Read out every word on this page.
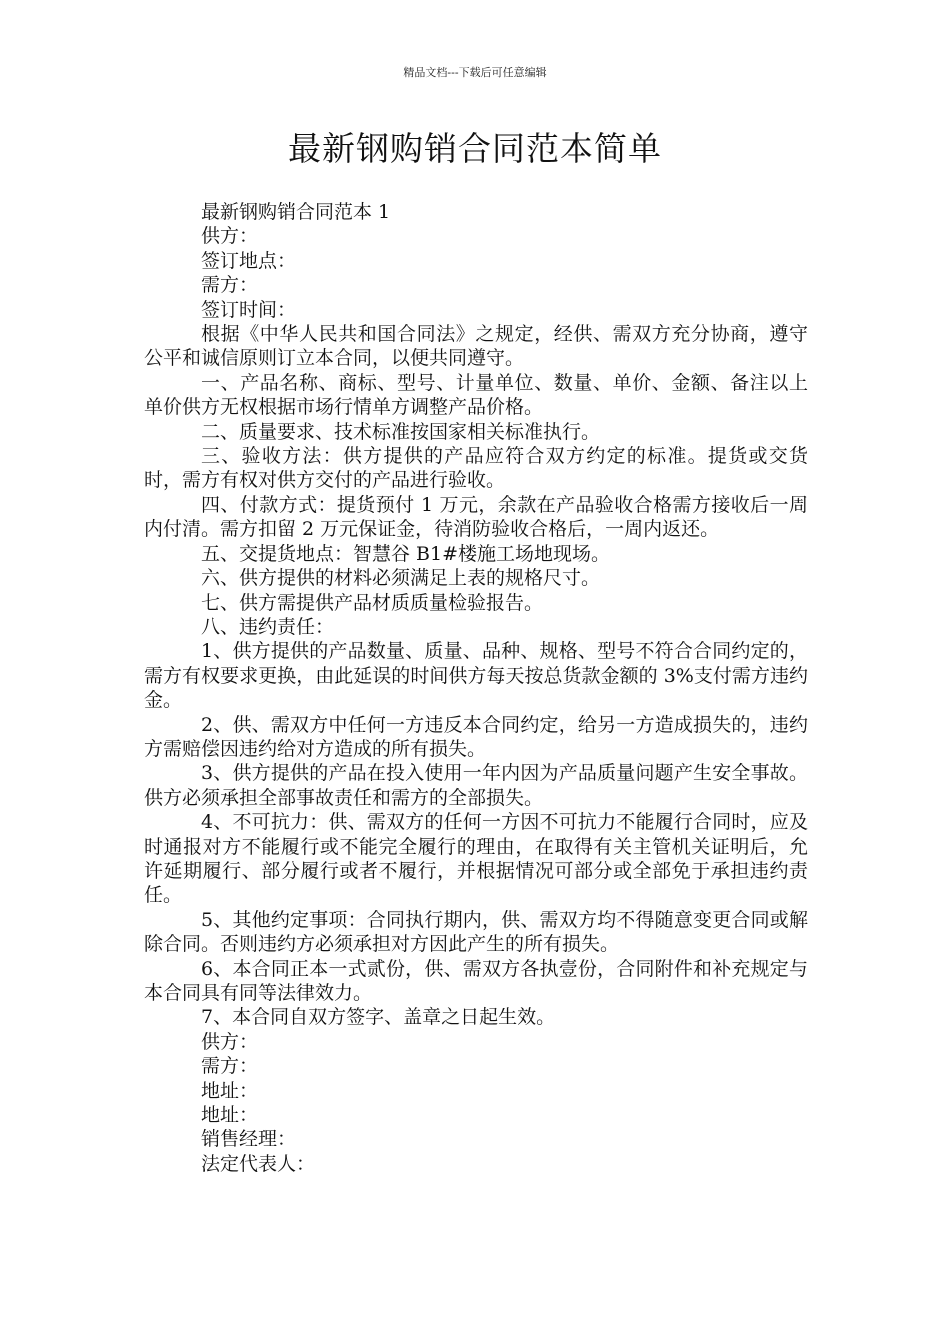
精品文档---下载后可任意编辑
最新钢购销合同范本简单

最新钢购销合同范本 1

供方：

签订地点：

需方：

签订时间：

根据《中华人民共和国合同法》之规定，经供、需双方充分协商，遵守公平和诚信原则订立本合同，以便共同遵守。

一、产品名称、商标、型号、计量单位、数量、单价、金额、备注以上单价供方无权根据市场行情单方调整产品价格。

二、质量要求、技术标准按国家相关标准执行。

三、验收方法：供方提供的产品应符合双方约定的标准。提货或交货时，需方有权对供方交付的产品进行验收。

四、付款方式：提货预付 1 万元，余款在产品验收合格需方接收后一周内付清。需方扣留 2 万元保证金，待消防验收合格后，一周内返还。

五、交提货地点：智慧谷 B1#楼施工场地现场。

六、供方提供的材料必须满足上表的规格尺寸。

七、供方需提供产品材质质量检验报告。

八、违约责任：

1、供方提供的产品数量、质量、品种、规格、型号不符合合同约定的，需方有权要求更换，由此延误的时间供方每天按总货款金额的 3%支付需方违约金。

2、供、需双方中任何一方违反本合同约定，给另一方造成损失的，违约方需赔偿因违约给对方造成的所有损失。

3、供方提供的产品在投入使用一年内因为产品质量问题产生安全事故。供方必须承担全部事故责任和需方的全部损失。

4、不可抗力：供、需双方的任何一方因不可抗力不能履行合同时，应及时通报对方不能履行或不能完全履行的理由，在取得有关主管机关证明后，允许延期履行、部分履行或者不履行，并根据情况可部分或全部免于承担违约责任。

5、其他约定事项：合同执行期内，供、需双方均不得随意变更合同或解除合同。否则违约方必须承担对方因此产生的所有损失。

6、本合同正本一式贰份，供、需双方各执壹份，合同附件和补充规定与本合同具有同等法律效力。

7、本合同自双方签字、盖章之日起生效。

供方：

需方：

地址：

地址：

销售经理：

法定代表人：
